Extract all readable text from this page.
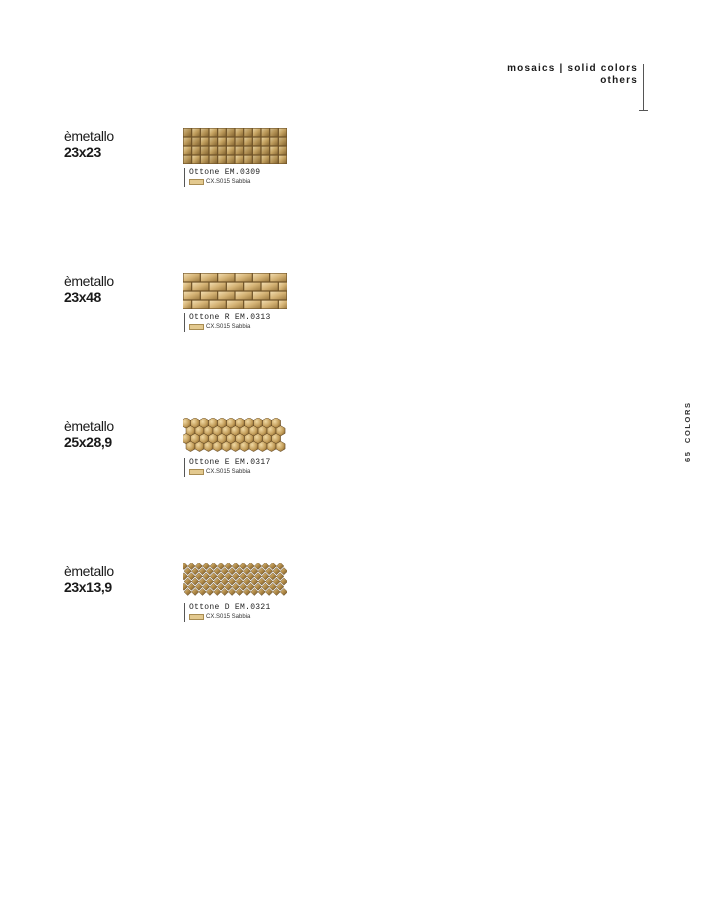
mosaics | solid colors
others
65  COLORS
èmetallo
23x23
Ottone EM.0309
CX.S015 Sabbia
èmetallo
23x48
Ottone R EM.0313
CX.S015 Sabbia
èmetallo
25x28,9
Ottone E EM.0317
CX.S015 Sabbia
èmetallo
23x13,9
Ottone D EM.0321
CX.S015 Sabbia
